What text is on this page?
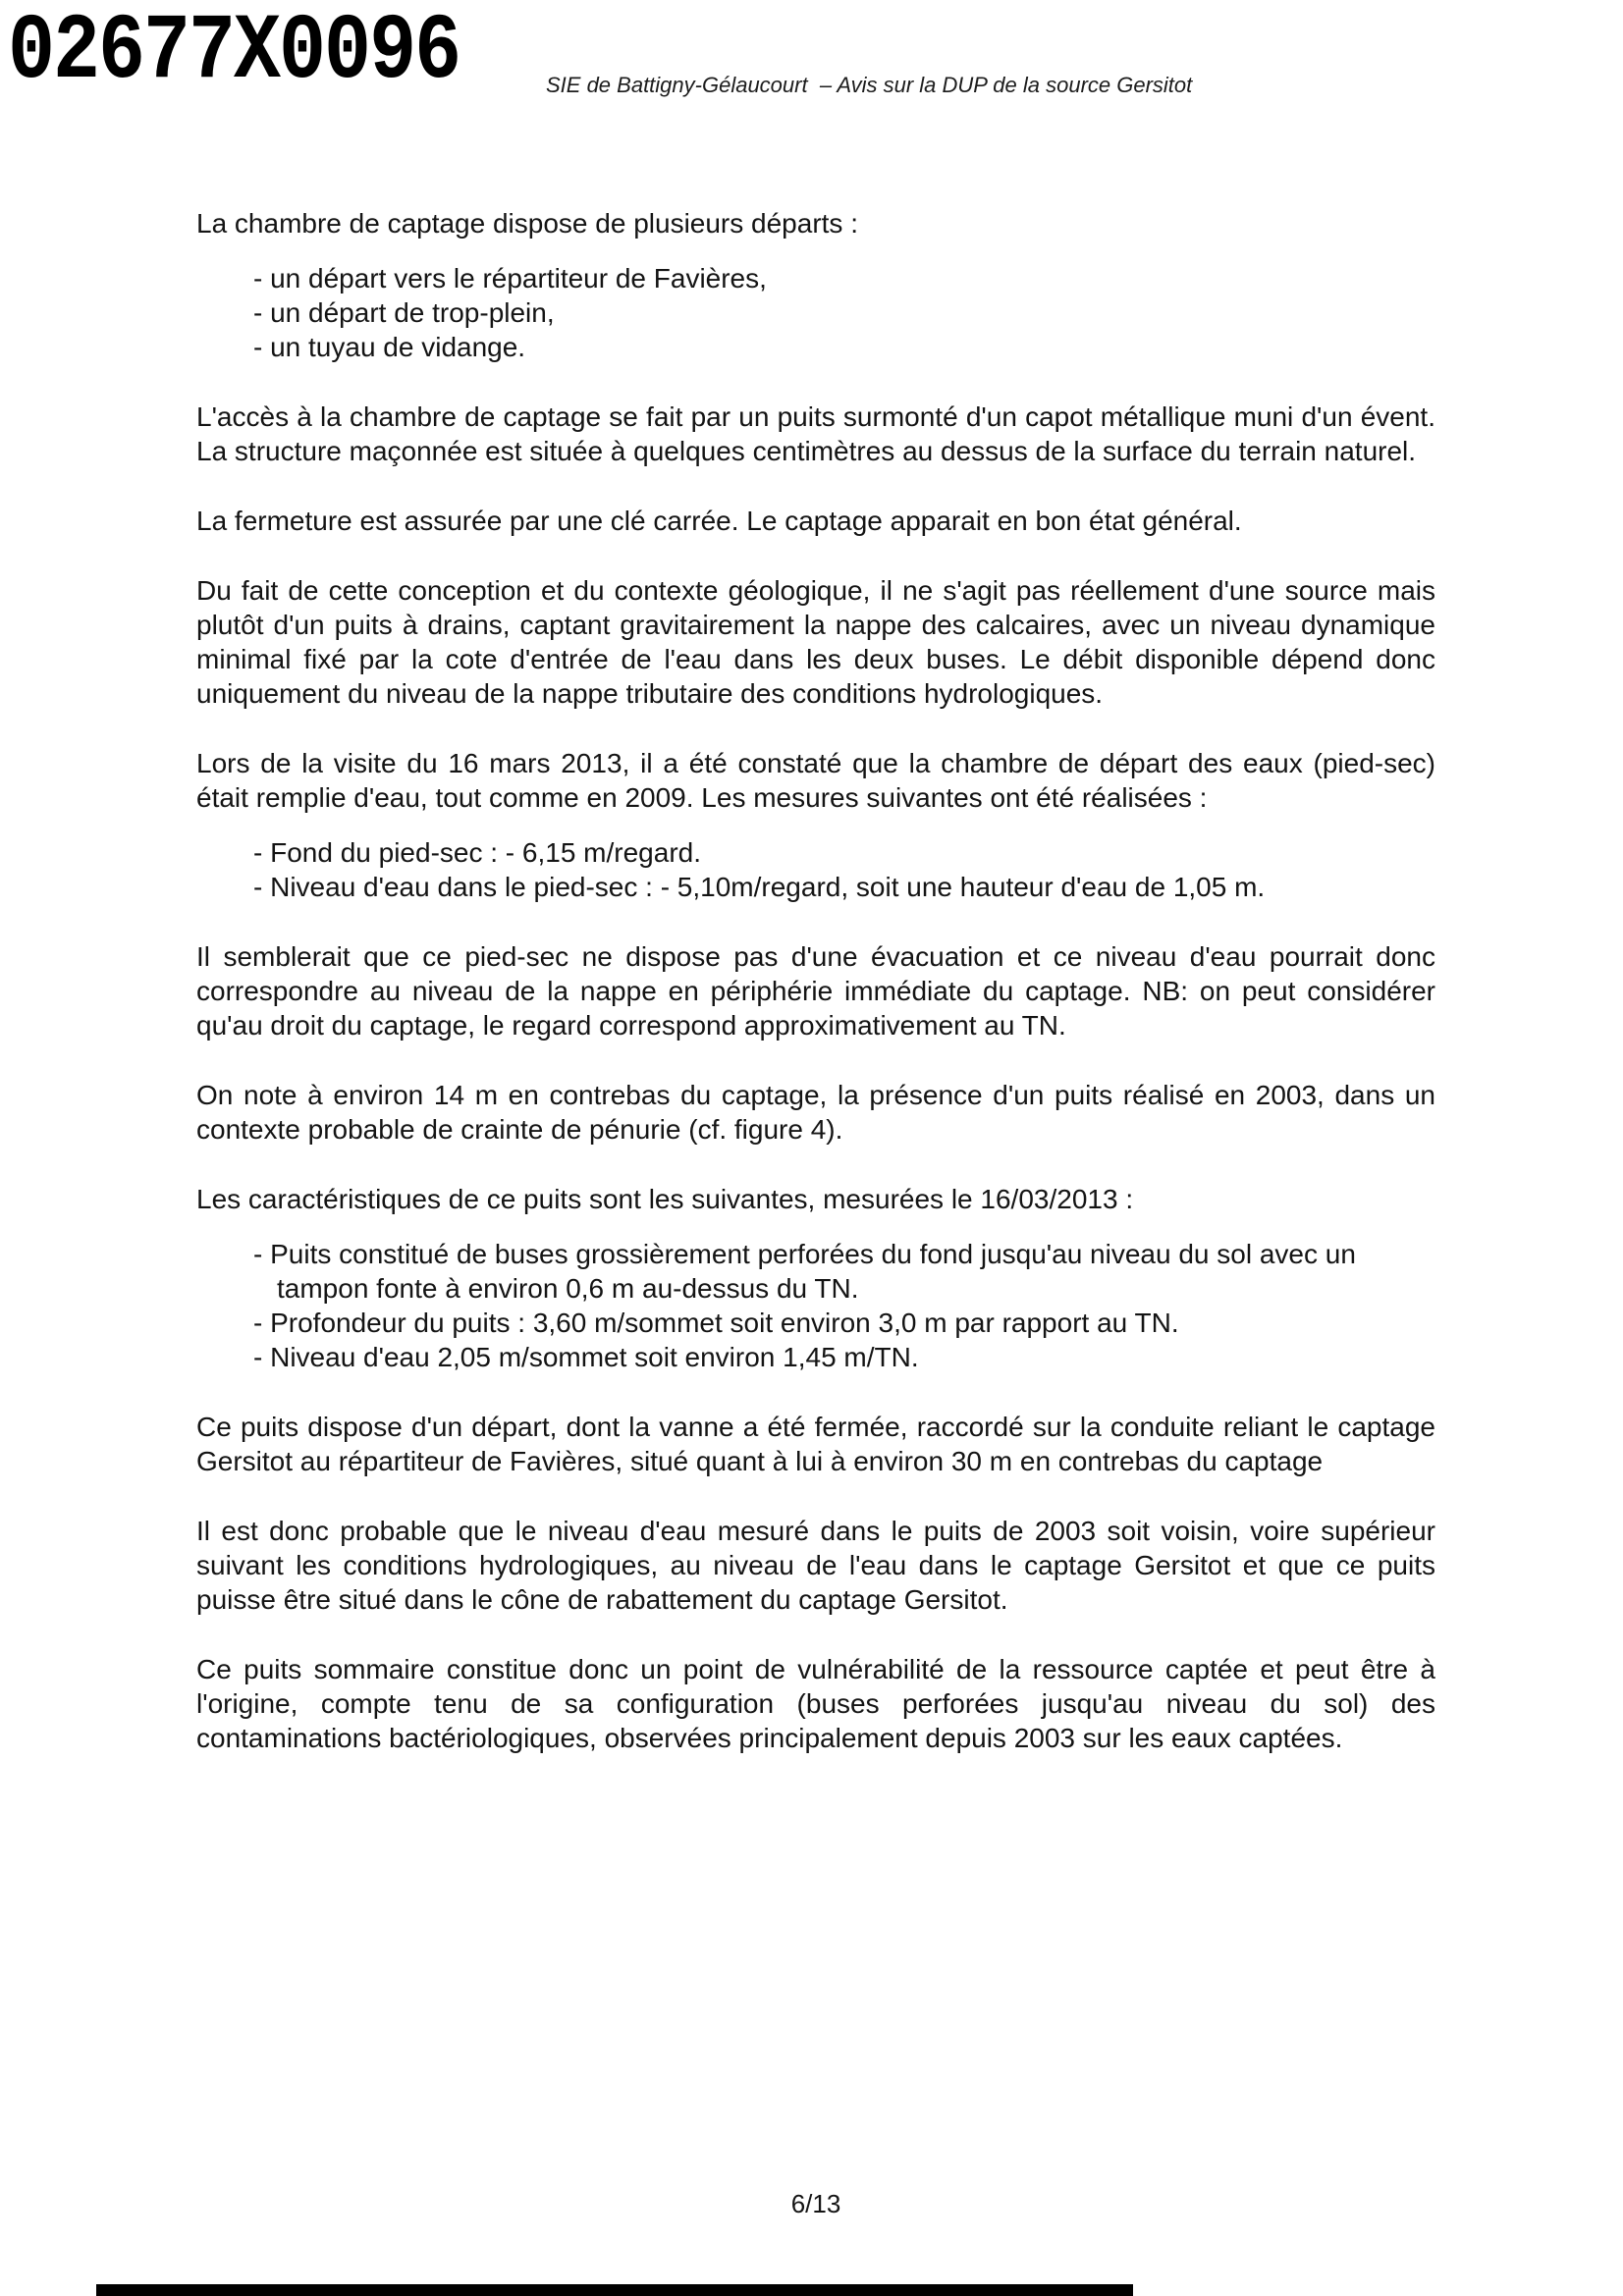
02677X0096	SIE de Battigny-Gélaucourt  – Avis sur la DUP de la source Gersitot

La chambre de captage dispose de plusieurs départs :

- un départ vers le répartiteur de Favières,
- un départ de trop-plein,
- un tuyau de vidange.

L'accès à la chambre de captage se fait par un puits surmonté d'un capot métallique muni d'un évent. La structure maçonnée est située à quelques centimètres au dessus de la surface du terrain naturel.

La fermeture est assurée par une clé carrée. Le captage apparait en bon état général.

Du fait de cette conception et du contexte géologique, il ne s'agit pas réellement d'une source mais plutôt d'un puits à drains, captant gravitairement la nappe des calcaires, avec un niveau dynamique minimal fixé par la cote d'entrée de l'eau dans les deux buses. Le débit disponible dépend donc uniquement du niveau de la nappe tributaire des conditions hydrologiques.

Lors de la visite du 16 mars 2013, il a été constaté que la chambre de départ des eaux (pied-sec) était remplie d'eau, tout comme en 2009. Les mesures suivantes ont été réalisées :

- Fond du pied-sec : - 6,15 m/regard.
- Niveau d'eau dans le pied-sec : - 5,10m/regard, soit une hauteur d'eau de 1,05 m.

Il semblerait que ce pied-sec ne dispose pas d'une évacuation et ce niveau d'eau pourrait donc correspondre au niveau de la nappe en périphérie immédiate du captage. NB: on peut considérer qu'au droit du captage, le regard correspond approximativement au TN.

On note à environ 14 m en contrebas du captage, la présence d'un puits réalisé en 2003, dans un contexte probable de crainte de pénurie (cf. figure 4).

Les caractéristiques de ce puits sont les suivantes, mesurées le 16/03/2013 :

- Puits constitué de buses grossièrement perforées du fond jusqu'au niveau du sol avec un tampon fonte à environ 0,6 m au-dessus du TN.
- Profondeur du puits : 3,60 m/sommet soit environ 3,0 m par rapport au TN.
- Niveau d'eau 2,05 m/sommet soit environ 1,45 m/TN.

Ce puits dispose d'un départ, dont la vanne a été fermée, raccordé sur la conduite reliant le captage Gersitot au répartiteur de Favières, situé quant à lui à environ 30 m en contrebas du captage

Il est donc probable que le niveau d'eau mesuré dans le puits de 2003 soit voisin, voire supérieur suivant les conditions hydrologiques, au niveau de l'eau dans le captage Gersitot et que ce puits puisse être situé dans le cône de rabattement du captage Gersitot.

Ce puits sommaire constitue donc un point de vulnérabilité de la ressource captée et peut être à l'origine, compte tenu de sa configuration (buses perforées jusqu'au niveau du sol) des contaminations bactériologiques, observées principalement depuis 2003 sur les eaux captées.

6/13
